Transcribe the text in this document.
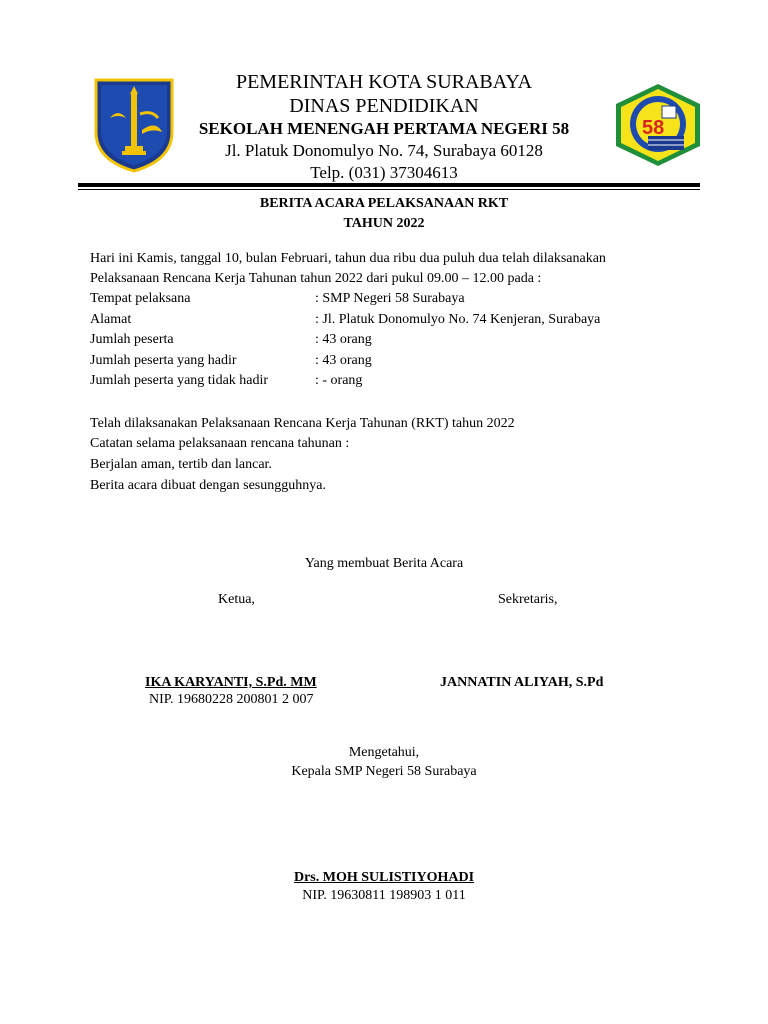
PEMERINTAH KOTA SURABAYA
DINAS PENDIDIKAN
SEKOLAH MENENGAH PERTAMA NEGERI 58
Jl. Platuk Donomulyo No. 74, Surabaya 60128
Telp. (031) 37304613
58
BERITA ACARA PELAKSANAAN RKT
TAHUN 2022
Hari ini Kamis, tanggal 10, bulan Februari, tahun dua ribu dua puluh dua telah dilaksanakan
Pelaksanaan Rencana Kerja Tahunan tahun 2022 dari pukul 09.00 – 12.00 pada :
Tempat pelaksana	: SMP Negeri 58 Surabaya
Alamat	: Jl. Platuk Donomulyo No. 74 Kenjeran, Surabaya
Jumlah peserta	: 43 orang
Jumlah peserta yang hadir	: 43 orang
Jumlah peserta yang tidak hadir	: - orang
Telah dilaksanakan Pelaksanaan Rencana Kerja Tahunan (RKT) tahun 2022
Catatan selama pelaksanaan rencana tahunan :
Berjalan aman, tertib dan lancar.
Berita acara dibuat dengan sesungguhnya.
Yang membuat Berita Acara
Ketua,	Sekretaris,
IKA KARYANTI, S.Pd. MM
NIP. 19680228 200801 2 007
JANNATIN ALIYAH, S.Pd
Mengetahui,
Kepala SMP Negeri 58 Surabaya
Drs. MOH SULISTIYOHADI
NIP. 19630811 198903 1 011
